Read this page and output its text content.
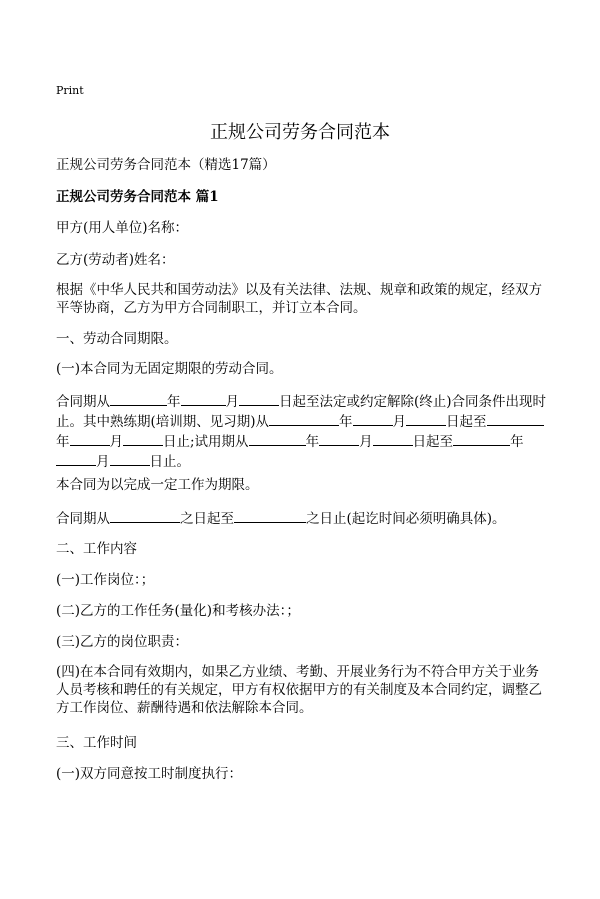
Print
正规公司劳务合同范本

正规公司劳务合同范本（精选17篇）

正规公司劳务合同范本 篇1

甲方(用人单位)名称：

乙方(劳动者)姓名：

根据《中华人民共和国劳动法》以及有关法律、法规、规章和政策的规定，经双方平等协商，乙方为甲方合同制职工，并订立本合同。

一、劳动合同期限。

(一)本合同为无固定期限的劳动合同。

合同期从	年	月	日起至法定或约定解除(终止)合同条件出现时止。其中熟练期(培训期、见习期)从	年	月	日起至年	月	日止;试用期从	年	月	日起至	年月	日止。

本合同为以完成一定工作为期限。

合同期从	之日起至	之日止(起讫时间必须明确具体)。

二、工作内容

(一)工作岗位：；

(二)乙方的工作任务(量化)和考核办法：；

(三)乙方的岗位职责：

(四)在本合同有效期内，如果乙方业绩、考勤、开展业务行为不符合甲方关于业务人员考核和聘任的有关规定，甲方有权依据甲方的有关制度及本合同约定，调整乙方工作岗位、薪酬待遇和依法解除本合同。

三、工作时间

(一)双方同意按工时制度执行：
